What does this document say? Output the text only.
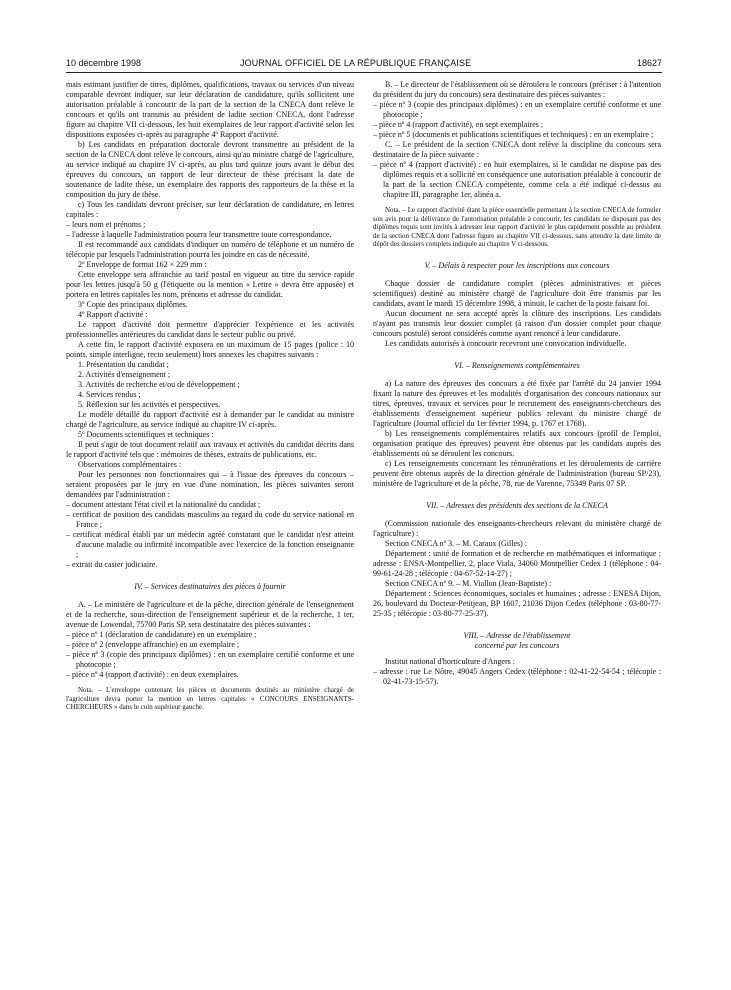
10 décembre 1998	JOURNAL OFFICIEL DE LA RÉPUBLIQUE FRANÇAISE	18627

mais estimant justifier de titres, diplômes, qualifications, travaux ou services d'un niveau comparable devront indiquer, sur leur déclaration de candidature, qu'ils sollicitent une autorisation préalable à concourir de la part de la section de la CNECA dont relève le concours et qu'ils ont transmis au président de ladite section CNECA, dont l'adresse figure au chapitre VII ci-dessous, les huit exemplaires de leur rapport d'activité selon les dispositions exposées ci-après au paragraphe 4º Rapport d'activité.

b) Les candidats en préparation doctorale devront transmettre au président de la section de la CNECA dont relève le concours, ainsi qu'au ministre chargé de l'agriculture, au service indiqué au chapitre IV ci-après, au plus tard quinze jours avant le début des épreuves du concours, un rapport de leur directeur de thèse précisant la date de soutenance de ladite thèse, un exemplaire des rapports des rapporteurs de la thèse et la composition du jury de thèse.

c) Tous les candidats devront préciser, sur leur déclaration de candidature, en lettres capitales :

– leurs nom et prénoms ;

– l'adresse à laquelle l'administration pourra leur transmettre toute correspondance.

Il est recommandé aux candidats d'indiquer un numéro de téléphone et un numéro de télécopie par lesquels l'administration pourra les joindre en cas de nécessité.

2º Enveloppe de format 162 × 229 mm :

Cette enveloppe sera affranchie au tarif postal en vigueur au titre du service rapide pour les lettres jusqu'à 50 g (l'étiquette ou la mention « Lettre » devra être apposée) et portera en lettres capitales les nom, prénoms et adresse du candidat.

3º Copie des principaux diplômes.

4º Rapport d'activité :

Le rapport d'activité doit permettre d'apprécier l'expérience et les activités professionnelles antérieures du candidat dans le secteur public ou privé.

A cette fin, le rapport d'activité exposera en un maximum de 15 pages (police : 10 points, simple interligne, recto seulement) hors annexes les chapitres suivants :

1. Présentation du candidat ;

2. Activités d'enseignement ;

3. Activités de recherche et/ou de développement ;

4. Services rendus ;

5. Réflexion sur les activités et perspectives.

Le modèle détaillé du rapport d'activité est à demander par le candidat au ministre chargé de l'agriculture, au service indiqué au chapitre IV ci-après.

5º Documents scientifiques et techniques :

Il peut s'agir de tout document relatif aux travaux et activités du candidat décrits dans le rapport d'activité tels que : mémoires de thèses, extraits de publications, etc.

Observations complémentaires :

Pour les personnes non fonctionnaires qui – à l'issue des épreuves du concours – seraient proposées par le jury en vue d'une nomination, les pièces suivantes seront demandées par l'administration :

– document attestant l'état civil et la nationalité du candidat ;

– certificat de position des candidats masculins au regard du code du service national en France ;

– certificat médical établi par un médecin agréé constatant que le candidat n'est atteint d'aucune maladie ou infirmité incompatible avec l'exercice de la fonction enseignante ;

– extrait du casier judiciaire.

IV. – Services destinataires des pièces à fournir

A. – Le ministère de l'agriculture et de la pêche, direction générale de l'enseignement et de la recherche, sous-direction de l'enseignement supérieur et de la recherche, 1 ter, avenue de Lowendal, 75700 Paris SP, sera destinataire des pièces suivantes :

– pièce nº 1 (déclaration de candidature) en un exemplaire ;

– pièce nº 2 (enveloppe affranchie) en un exemplaire ;

– pièce nº 3 (copie des principaux diplômes) : en un exemplaire certifié conforme et une photocopie ;

– pièce nº 4 (rapport d'activité) : en deux exemplaires.

Nota. – L'enveloppe contenant les pièces et documents destinés au ministère chargé de l'agriculture devra porter la mention en lettres capitales « CONCOURS ENSEIGNANTS-CHERCHEURS » dans le coin supérieur gauche.

B. – Le directeur de l'établissement où se déroulera le concours (préciser : à l'attention du président du jury du concours) sera destinataire des pièces suivantes :

– pièce nº 3 (copie des principaux diplômes) : en un exemplaire certifié conforme et une photocopie ;

– pièce nº 4 (rapport d'activité), en sept exemplaires ;

– pièce nº 5 (documents et publications scientifiques et techniques) : en un exemplaire ;

C. – Le président de la section CNECA dont relève la discipline du concours sera destinataire de la pièce suivante :

– pièce nº 4 (rapport d'activité) : en huit exemplaires, si le candidat ne dispose pas des diplômes requis et a sollicité en conséquence une autorisation préalable à concourir de la part de la section CNECA compétente, comme cela a été indiqué ci-dessus au chapitre III, paragraphe 1er, alinéa a.

Nota. – Le rapport d'activité étant la pièce essentielle permettant à la section CNECA de formuler son avis pour la délivrance de l'autorisation préalable à concourir, les candidats ne disposant pas des diplômes requis sont invités à adresser leur rapport d'activité le plus rapidement possible au président de la section CNECA dont l'adresse figure au chapitre VII ci-dessous, sans attendre la date limite de dépôt des dossiers complets indiquée au chapitre V ci-dessous.

V. – Délais à respecter pour les inscriptions aux concours

Chaque dossier de candidature complet (pièces administratives et pièces scientifiques) destiné au ministère chargé de l'agriculture doit être transmis par les candidats, avant le mardi 15 décembre 1998, à minuit, le cachet de la poste faisant foi.

Aucun document ne sera accepté après la clôture des inscriptions. Les candidats n'ayant pas transmis leur dossier complet (à raison d'un dossier complet pour chaque concours postulé) seront considérés comme ayant renoncé à leur candidature.

Les candidats autorisés à concourir recevront une convocation individuelle.

VI. – Renseignements complémentaires

a) La nature des épreuves des concours a été fixée par l'arrêté du 24 janvier 1994 fixant la nature des épreuves et les modalités d'organisation des concours nationaux sur titres, épreuves, travaux et services pour le recrutement des enseignants-chercheurs des établissements d'enseignement supérieur publics relevant du ministre chargé de l'agriculture (Journal officiel du 1er février 1994, p. 1767 et 1768).

b) Les renseignements complémentaires relatifs aux concours (profil de l'emploi, organisation pratique des épreuves) peuvent être obtenus par les candidats auprès des établissements où se déroulent les concours.

c) Les renseignements concernant les rémunérations et les déroulements de carrière peuvent être obtenus auprès de la direction générale de l'administration (bureau SP/23), ministère de l'agriculture et de la pêche, 78, rue de Varenne, 75349 Paris 07 SP.

VII. – Adresses des présidents des sections de la CNECA

(Commission nationale des enseignants-chercheurs relevant du ministère chargé de l'agriculture) :

Section CNECA nº 3. – M. Caraux (Gilles) :

Département : unité de formation et de recherche en mathématiques et informatique ; adresse : ENSA-Montpellier, 2, place Viala, 34060 Montpellier Cedex 1 (téléphone : 04-99-61-24-28 ; télécopie : 04-67-52-14-27) ;

Section CNECA nº 9. – M. Viallon (Jean-Baptiste) :

Département : Sciences économiques, sociales et humaines ; adresse : ENESA Dijon, 26, boulevard du Docteur-Petitjean, BP 1607, 21036 Dijon Cedex (téléphone : 03-80-77-25-35 ; télécopie : 03-80-77-25-37).

VIII. – Adresse de l'établissement
concerné par les concours

Institut national d'horticulture d'Angers :

– adresse : rue Le Nôtre, 49045 Angers Cedex (téléphone : 02-41-22-54-54 ; télécopie : 02-41-73-15-57).
